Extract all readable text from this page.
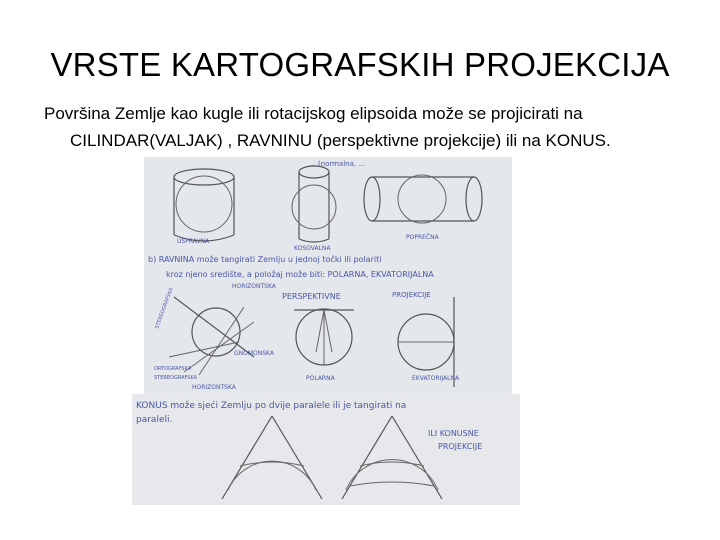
VRSTE KARTOGRAFSKIH PROJEKCIJA
Površina Zemlje kao kugle ili rotacijskog elipsoida može se projicirati na
CILINDAR(VALJAK) , RAVNINU (perspektivne projekcije) ili na KONUS.
... (normalna, ...
USPRAVNA
KOSOVALNA
POPREČNA
b) RAVNINA može tangirati Zemlju u jednoj točki ili polariti
kroz njeno središte, a položaj može biti: POLARNA, EKVATORIJALNA
HORIZONTSKA
PERSPEKTIVNE	PROJEKCIJE
STEREOGRAFSKA
GNOMONSKA
ORTOGRAFSKA
STEREOGRAFSKA
HORIZONTSKA
POLARNA	EKVATORIJALNA
KONUS može sjeći Zemlju po dvije paralele ili je tangirati na
paraleli.
ILI KONUSNE
PROJEKCIJE
